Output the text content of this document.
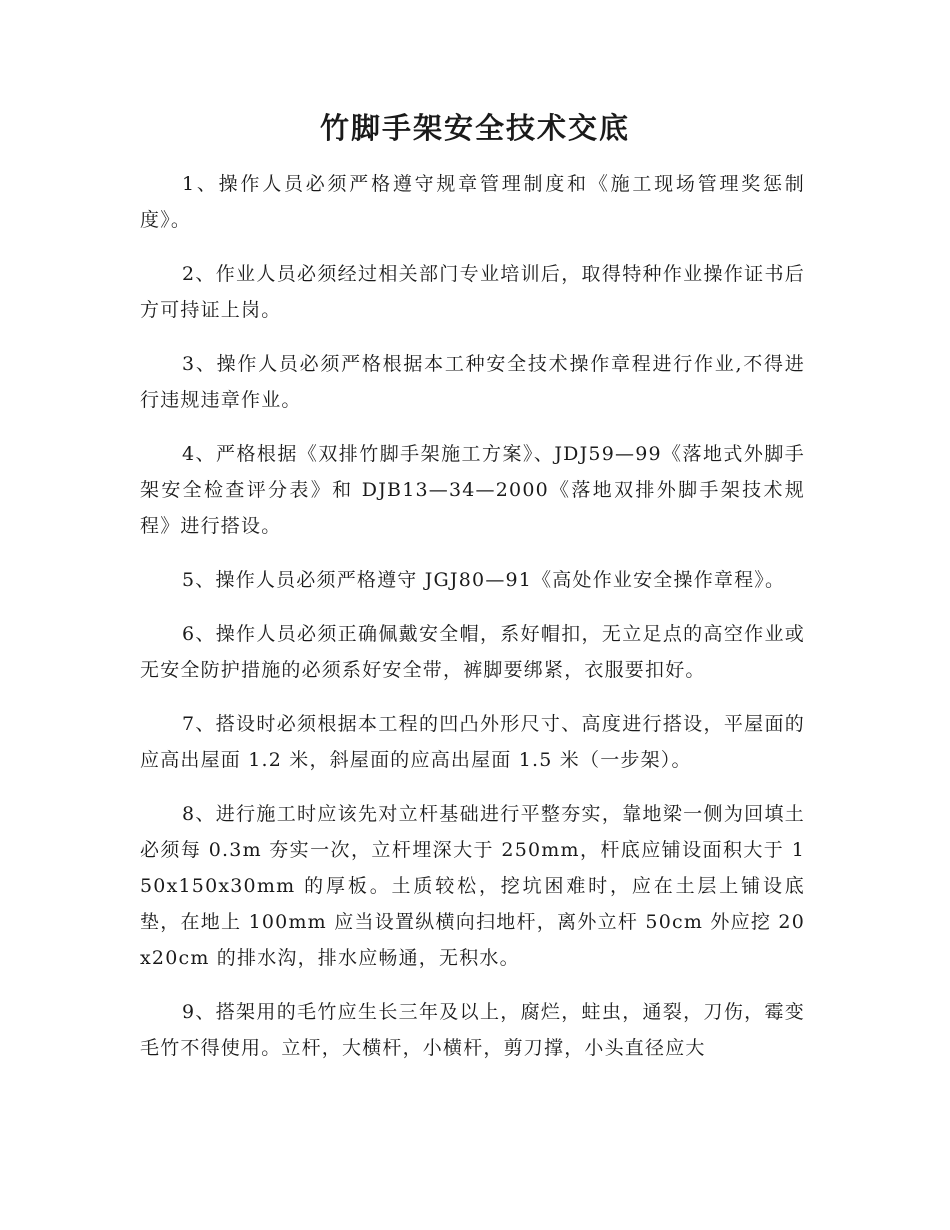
竹脚手架安全技术交底

1、操作人员必须严格遵守规章管理制度和《施工现场管理奖惩制度》。

2、作业人员必须经过相关部门专业培训后，取得特种作业操作证书后方可持证上岗。

3、操作人员必须严格根据本工种安全技术操作章程进行作业,不得进行违规违章作业。

4、严格根据《双排竹脚手架施工方案》、JDJ59—99《落地式外脚手架安全检查评分表》和 DJB13—34—2000《落地双排外脚手架技术规程》进行搭设。

5、操作人员必须严格遵守 JGJ80—91《高处作业安全操作章程》。

6、操作人员必须正确佩戴安全帽，系好帽扣，无立足点的高空作业或无安全防护措施的必须系好安全带，裤脚要绑紧，衣服要扣好。

7、搭设时必须根据本工程的凹凸外形尺寸、高度进行搭设，平屋面的应高出屋面 1.2 米，斜屋面的应高出屋面 1.5 米（一步架）。

8、进行施工时应该先对立杆基础进行平整夯实，靠地梁一侧为回填土必须每 0.3m 夯实一次，立杆埋深大于 250mm，杆底应铺设面积大于 150x150x30mm 的厚板。土质较松，挖坑困难时，应在土层上铺设底垫，在地上 100mm 应当设置纵横向扫地杆，离外立杆 50cm 外应挖 20x20cm 的排水沟，排水应畅通，无积水。

9、搭架用的毛竹应生长三年及以上，腐烂，蛀虫，通裂，刀伤，霉变毛竹不得使用。立杆，大横杆，小横杆，剪刀撑，小头直径应大
